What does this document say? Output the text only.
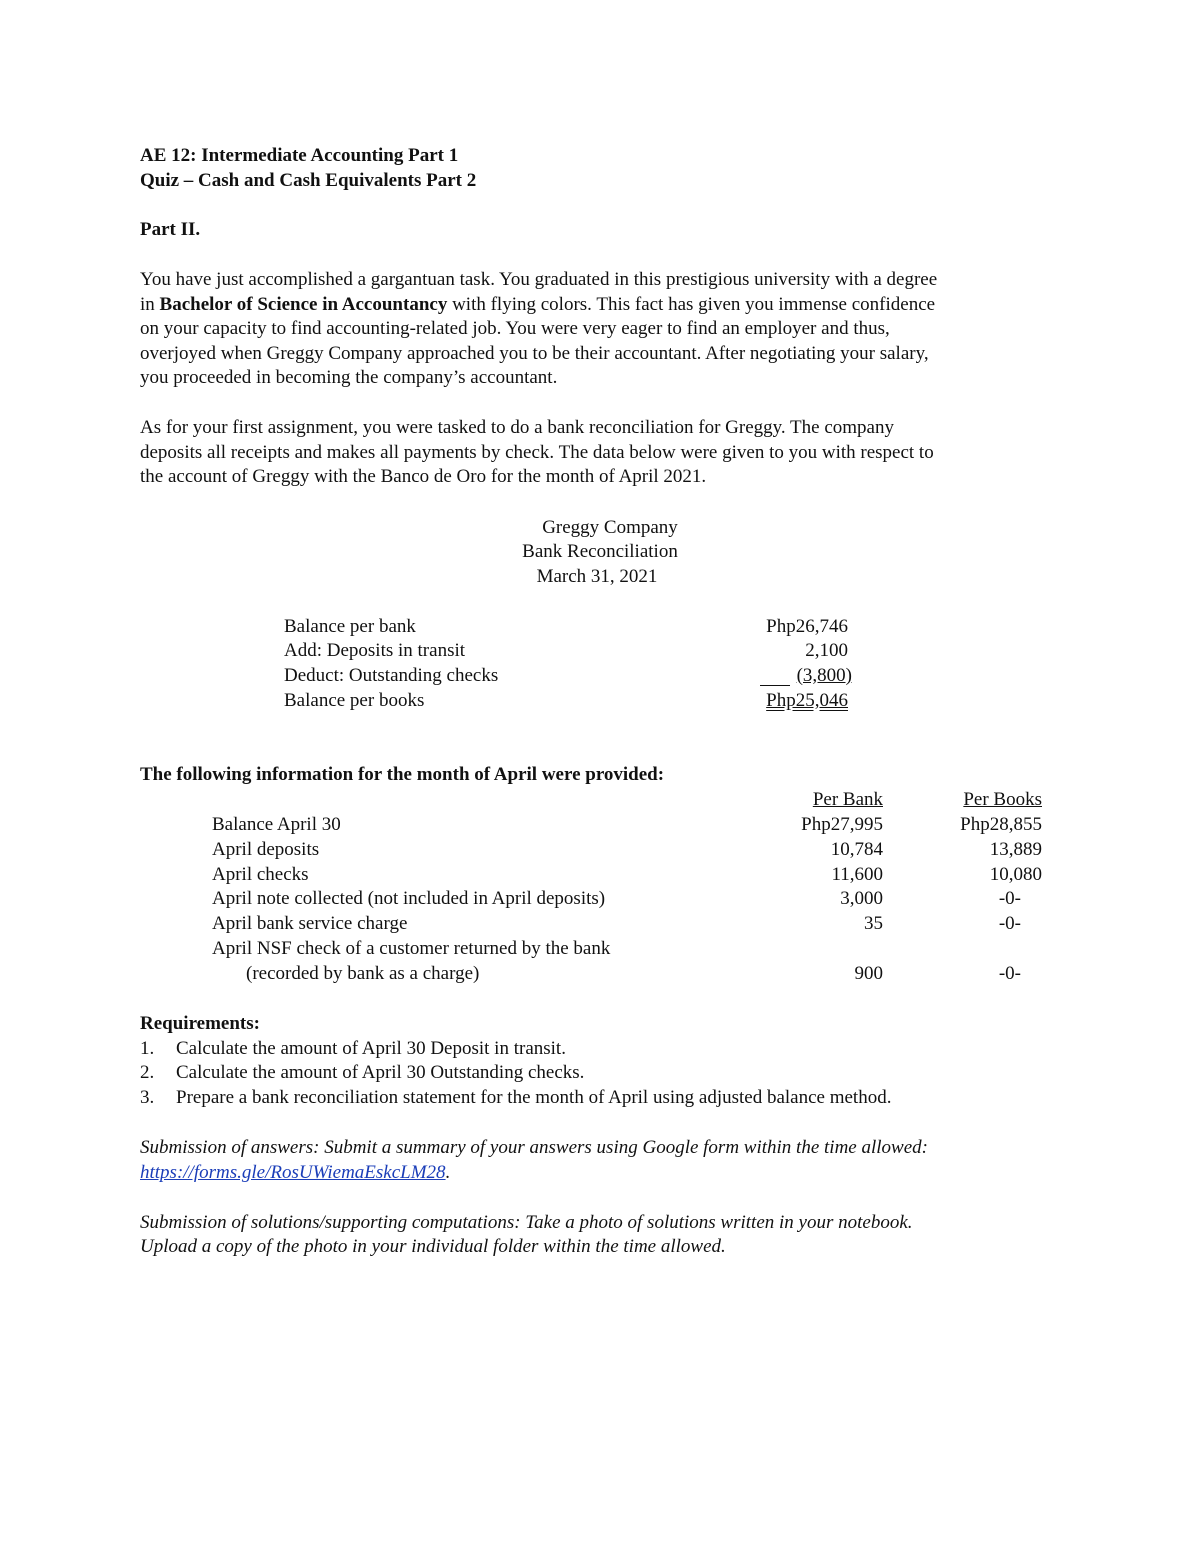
AE 12: Intermediate Accounting Part 1
Quiz – Cash and Cash Equivalents Part 2
Part II.

You have just accomplished a gargantuan task. You graduated in this prestigious university with a degree

in Bachelor of Science in Accountancy with flying colors. This fact has given you immense confidence

on your capacity to find accounting-related job. You were very eager to find an employer and thus,

overjoyed when Greggy Company approached you to be their accountant. After negotiating your salary,

you proceeded in becoming the company’s accountant.

As for your first assignment, you were tasked to do a bank reconciliation for Greggy. The company

deposits all receipts and makes all payments by check. The data below were given to you with respect to

the account of Greggy with the Banco de Oro for the month of April 2021.

Greggy Company
Bank Reconciliation
March 31, 2021
Balance per bank	Php26,746
Add: Deposits in transit	2,100
Deduct: Outstanding checks	(3,800)
Balance per books	Php25,046
The following information for the month of April were provided:
Per Bank	Per Books
Balance April 30	Php27,995	Php28,855
April deposits	10,784	13,889
April checks	11,600	10,080
April note collected (not included in April deposits)	3,000	-0-
April bank service charge	35	-0-
April NSF check of a customer returned by the bank
(recorded by bank as a charge)	900	-0-
Requirements:
1. Calculate the amount of April 30 Deposit in transit.
2. Calculate the amount of April 30 Outstanding checks.
3. Prepare a bank reconciliation statement for the month of April using adjusted balance method.
Submission of answers: Submit a summary of your answers using Google form within the time allowed:
https://forms.gle/RosUWiemaEskcLM28.
Submission of solutions/supporting computations: Take a photo of solutions written in your notebook.
Upload a copy of the photo in your individual folder within the time allowed.
